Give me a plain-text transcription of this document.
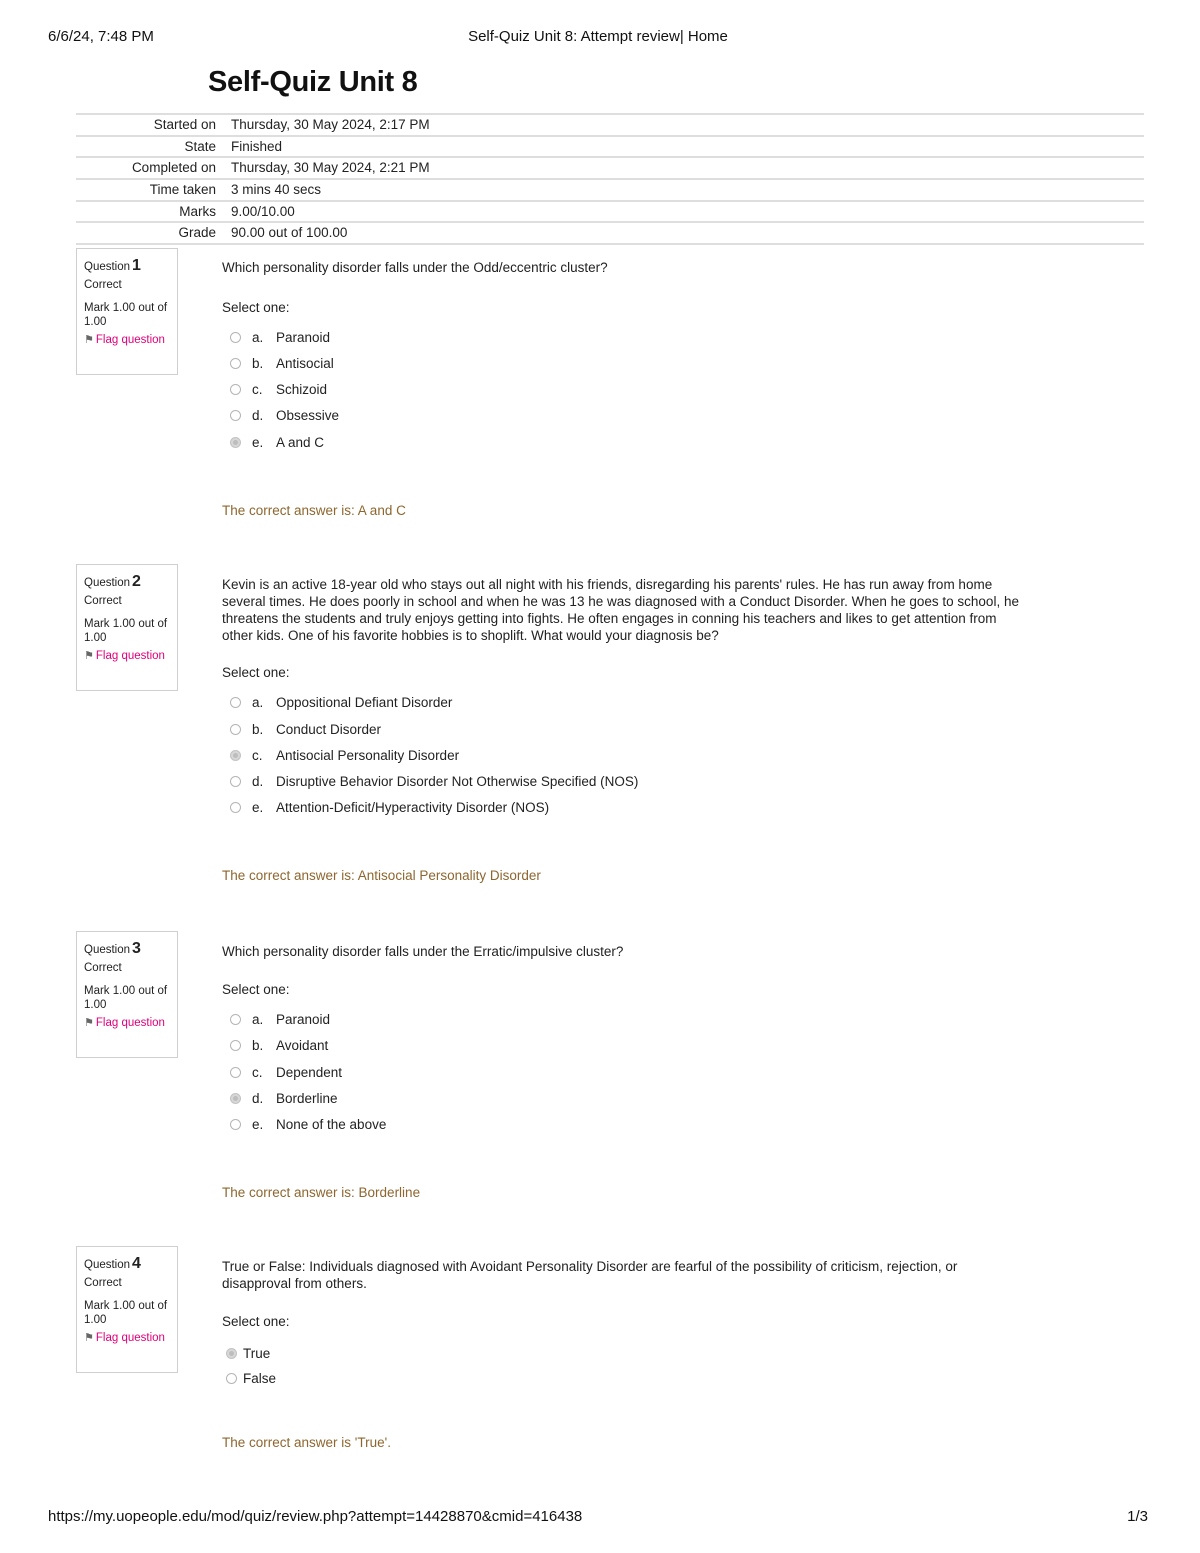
6/6/24, 7:48 PM	Self-Quiz Unit 8: Attempt review| Home
Self-Quiz Unit 8
Started on Thursday, 30 May 2024, 2:17 PM
State Finished
Completed on Thursday, 30 May 2024, 2:21 PM
Time taken 3 mins 40 secs
Marks 9.00/10.00
Grade 90.00 out of 100.00
Question 1
Correct
Mark 1.00 out of 1.00
⚑ Flag question
Which personality disorder falls under the Odd/eccentric cluster?
Select one:
a. Paranoid
b. Antisocial
c. Schizoid
d. Obsessive
e. A and C
The correct answer is: A and C
Question 2
Correct
Mark 1.00 out of 1.00
⚑ Flag question
Kevin is an active 18-year old who stays out all night with his friends, disregarding his parents' rules. He has run away from home
several times. He does poorly in school and when he was 13 he was diagnosed with a Conduct Disorder. When he goes to school, he
threatens the students and truly enjoys getting into fights. He often engages in conning his teachers and likes to get attention from
other kids. One of his favorite hobbies is to shoplift. What would your diagnosis be?
Select one:
a. Oppositional Defiant Disorder
b. Conduct Disorder
c. Antisocial Personality Disorder
d. Disruptive Behavior Disorder Not Otherwise Specified (NOS)
e. Attention-Deficit/Hyperactivity Disorder (NOS)
The correct answer is: Antisocial Personality Disorder
Question 3
Correct
Mark 1.00 out of 1.00
⚑ Flag question
Which personality disorder falls under the Erratic/impulsive cluster?
Select one:
a. Paranoid
b. Avoidant
c. Dependent
d. Borderline
e. None of the above
The correct answer is: Borderline
Question 4
Correct
Mark 1.00 out of 1.00
⚑ Flag question
True or False: Individuals diagnosed with Avoidant Personality Disorder are fearful of the possibility of criticism, rejection, or
disapproval from others.
Select one:
True
False
The correct answer is 'True'.
https://my.uopeople.edu/mod/quiz/review.php?attempt=14428870&cmid=416438	1/3
